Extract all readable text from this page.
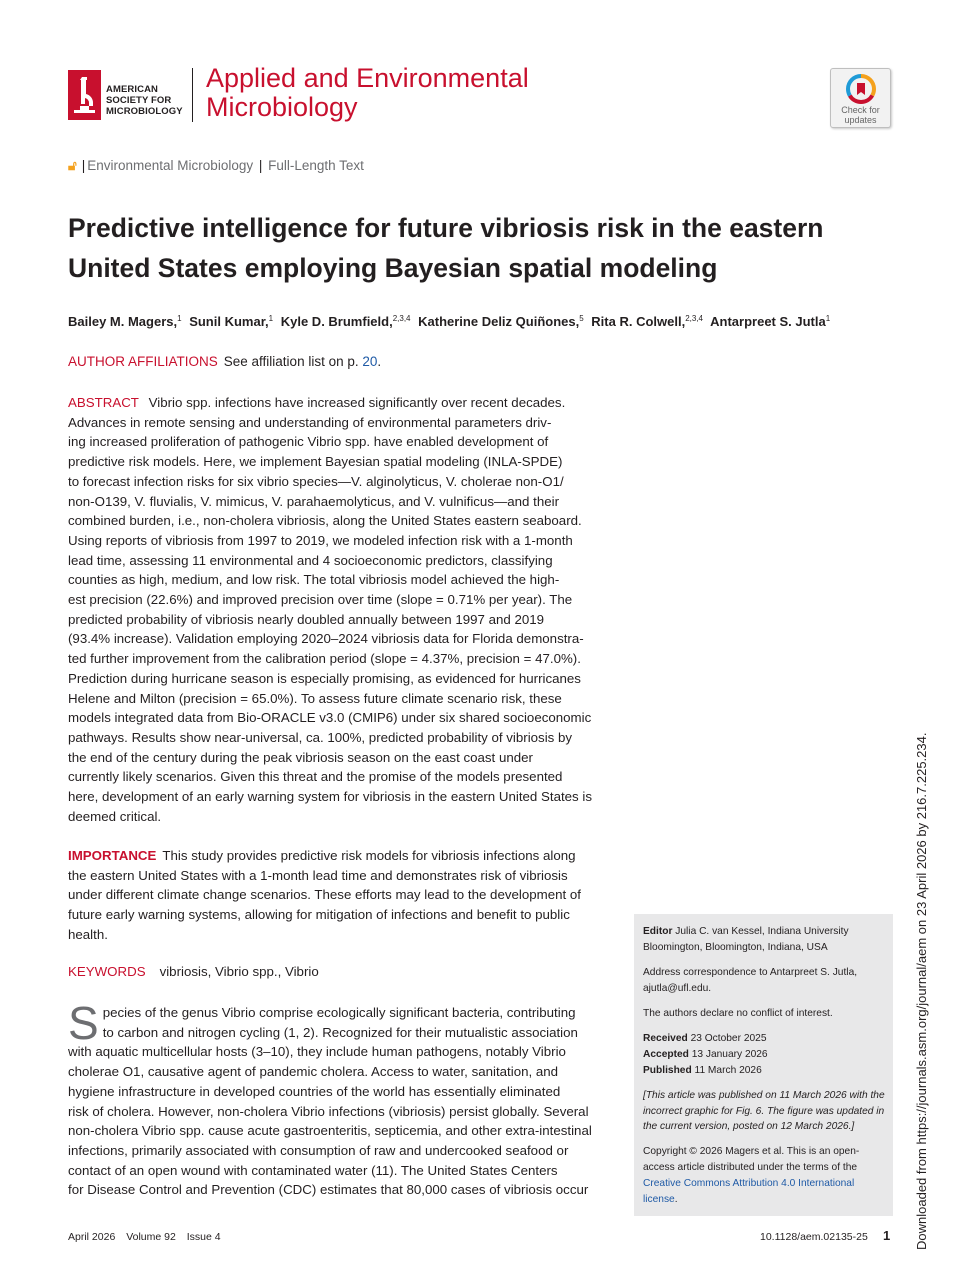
AMERICAN
SOCIETY FOR
MICROBIOLOGY
Applied and Environmental
Microbiology	Check for
updates
🔓︎ | Environmental Microbiology | Full-Length Text
Predictive intelligence for future vibriosis risk in the eastern
United States employing Bayesian spatial modeling
Bailey M. Magers,$^1$ Sunil Kumar,$^1$ Kyle D. Brumfield,$^{2,3,4}$ Katherine Deliz Quiñones,$^5$ Rita R. Colwell,$^{2,3,4}$ Antarpreet S. Jutla$^1$
AUTHOR AFFILIATIONS See affiliation list on p. 20.
ABSTRACT Vibrio spp. infections have increased significantly over recent decades.
Advances in remote sensing and understanding of environmental parameters driv-
ing increased proliferation of pathogenic Vibrio spp. have enabled development of
predictive risk models. Here, we implement Bayesian spatial modeling (INLA-SPDE)
to forecast infection risks for six vibrio species—V. alginolyticus, V. cholerae non-O1/
non-O139, V. fluvialis, V. mimicus, V. parahaemolyticus, and V. vulnificus—and their
combined burden, i.e., non-cholera vibriosis, along the United States eastern seaboard.
Using reports of vibriosis from 1997 to 2019, we modeled infection risk with a 1-month
lead time, assessing 11 environmental and 4 socioeconomic predictors, classifying
counties as high, medium, and low risk. The total vibriosis model achieved the high-
est precision (22.6%) and improved precision over time (slope = 0.71% per year). The
predicted probability of vibriosis nearly doubled annually between 1997 and 2019
(93.4% increase). Validation employing 2020–2024 vibriosis data for Florida demonstra-
ted further improvement from the calibration period (slope = 4.37%, precision = 47.0%).
Prediction during hurricane season is especially promising, as evidenced for hurricanes
Helene and Milton (precision = 65.0%). To assess future climate scenario risk, these
models integrated data from Bio-ORACLE v3.0 (CMIP6) under six shared socioeconomic
pathways. Results show near-universal, ca. 100%, predicted probability of vibriosis by
the end of the century during the peak vibriosis season on the east coast under
currently likely scenarios. Given this threat and the promise of the models presented
here, development of an early warning system for vibriosis in the eastern United States is
deemed critical.
IMPORTANCE This study provides predictive risk models for vibriosis infections along
the eastern United States with a 1-month lead time and demonstrates risk of vibriosis
under different climate change scenarios. These efforts may lead to the development of
future early warning systems, allowing for mitigation of infections and benefit to public
health.
KEYWORDS vibriosis, Vibrio spp., Vibrio
S pecies of the genus Vibrio comprise ecologically significant bacteria, contributing
to carbon and nitrogen cycling (1, 2). Recognized for their mutualistic association
with aquatic multicellular hosts (3–10), they include human pathogens, notably Vibrio
cholerae O1, causative agent of pandemic cholera. Access to water, sanitation, and
hygiene infrastructure in developed countries of the world has essentially eliminated
risk of cholera. However, non-cholera Vibrio infections (vibriosis) persist globally. Several
non-cholera Vibrio spp. cause acute gastroenteritis, septicemia, and other extra-intestinal
infections, primarily associated with consumption of raw and undercooked seafood or
contact of an open wound with contaminated water (11). The United States Centers
for Disease Control and Prevention (CDC) estimates that 80,000 cases of vibriosis occur
Editor Julia C. van Kessel, Indiana University
Bloomington, Bloomington, Indiana, USA
Address correspondence to Antarpreet S. Jutla,
ajutla@ufl.edu.
The authors declare no conflict of interest.
Received 23 October 2025
Accepted 13 January 2026
Published 11 March 2026
[This article was published on 11 March 2026 with the
incorrect graphic for Fig. 6. The figure was updated in
the current version, posted on 12 March 2026.]
Copyright © 2026 Magers et al. This is an open-
access article distributed under the terms of the
Creative Commons Attribution 4.0 International
license.
April 2026 Volume 92 Issue 4	10.1128/aem.02135-25 1 Downloaded from https://journals.asm.org/journal/aem on 23 April 2026 by 216.7.225.234.
